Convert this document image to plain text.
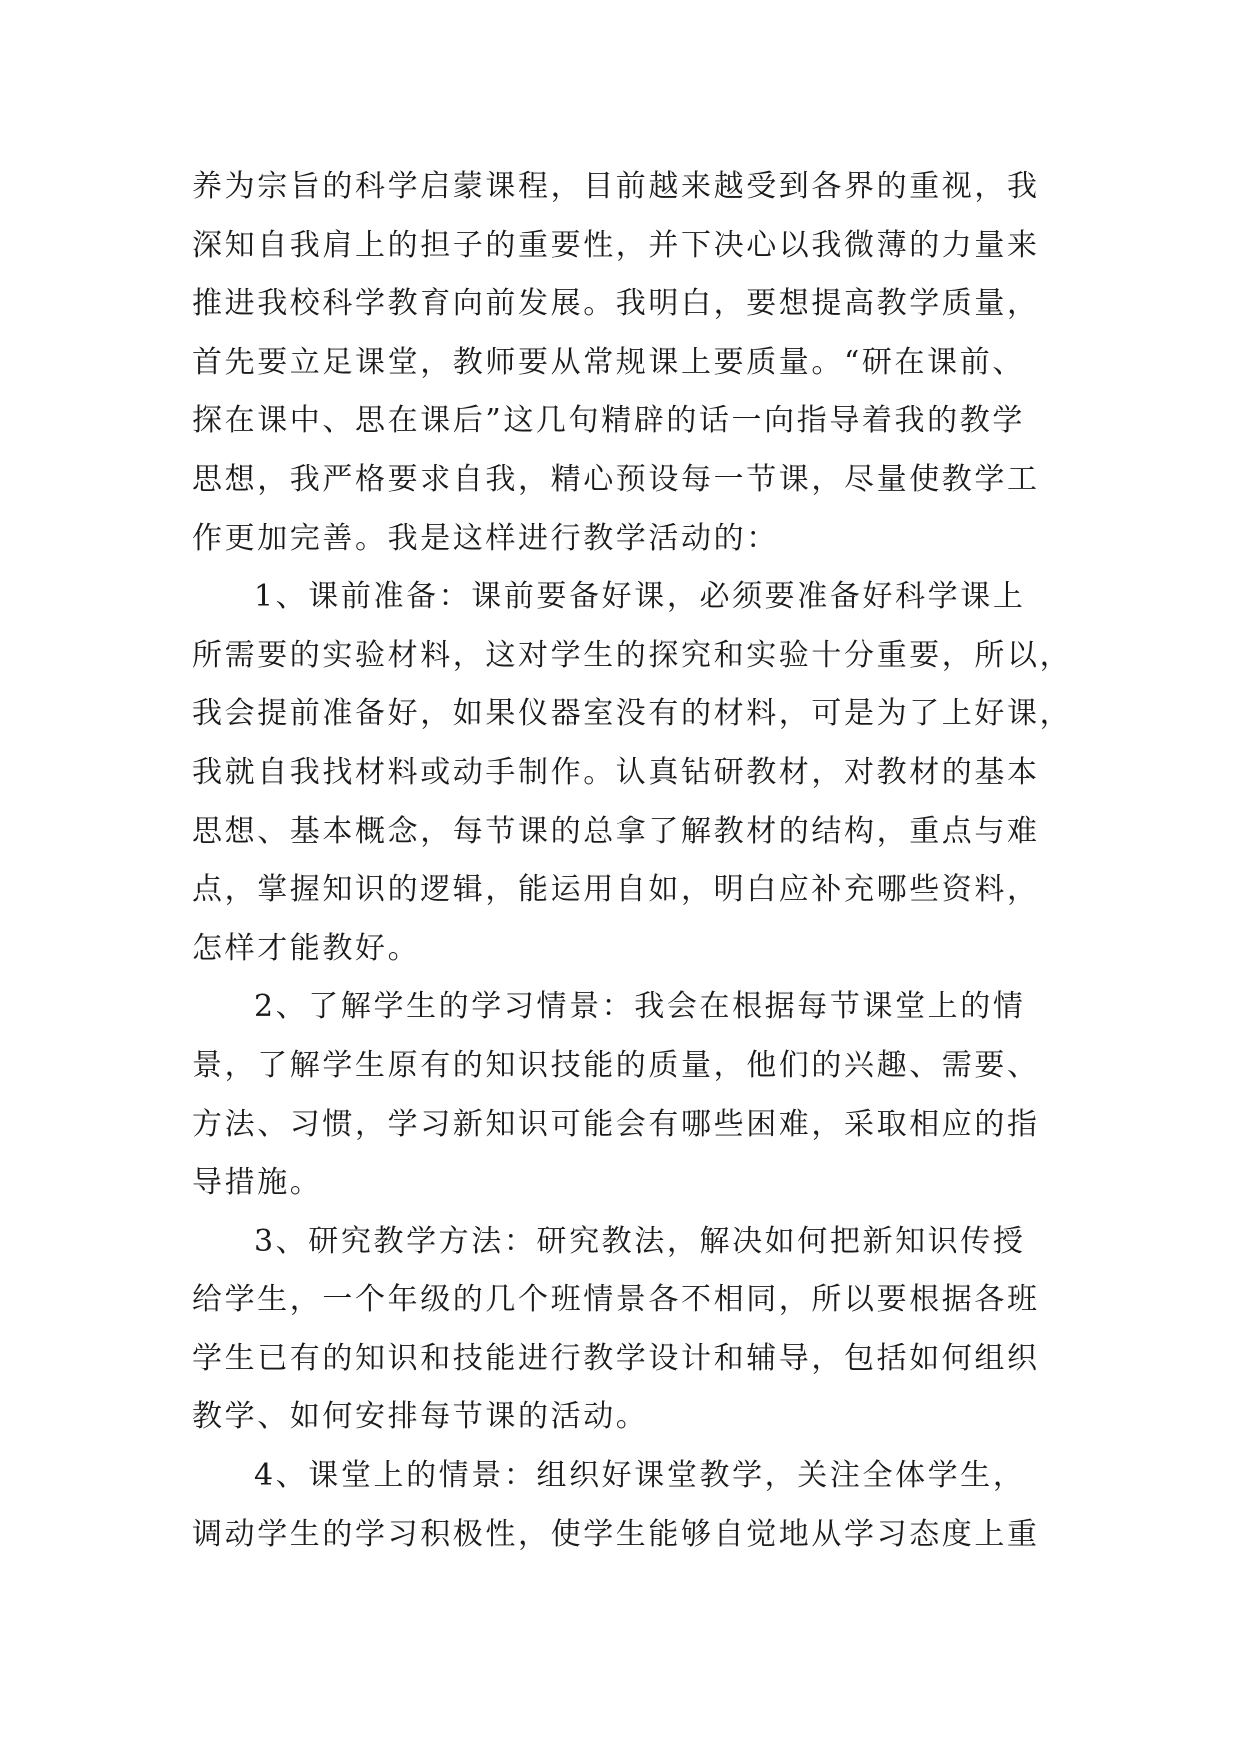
养为宗旨的科学启蒙课程，目前越来越受到各界的重视，我
深知自我肩上的担子的重要性，并下决心以我微薄的力量来
推进我校科学教育向前发展。我明白，要想提高教学质量，
首先要立足课堂，教师要从常规课上要质量。“研在课前、
探在课中、思在课后”这几句精辟的话一向指导着我的教学
思想，我严格要求自我，精心预设每一节课，尽量使教学工
作更加完善。我是这样进行教学活动的：
1、课前准备：课前要备好课，必须要准备好科学课上
所需要的实验材料，这对学生的探究和实验十分重要，所以，
我会提前准备好，如果仪器室没有的材料，可是为了上好课，
我就自我找材料或动手制作。认真钻研教材，对教材的基本
思想、基本概念，每节课的总拿了解教材的结构，重点与难
点，掌握知识的逻辑，能运用自如，明白应补充哪些资料，
怎样才能教好。
2、了解学生的学习情景：我会在根据每节课堂上的情
景，了解学生原有的知识技能的质量，他们的兴趣、需要、
方法、习惯，学习新知识可能会有哪些困难，采取相应的指
导措施。
3、研究教学方法：研究教法，解决如何把新知识传授
给学生，一个年级的几个班情景各不相同，所以要根据各班
学生已有的知识和技能进行教学设计和辅导，包括如何组织
教学、如何安排每节课的活动。
4、课堂上的情景：组织好课堂教学，关注全体学生，
调动学生的学习积极性，使学生能够自觉地从学习态度上重
